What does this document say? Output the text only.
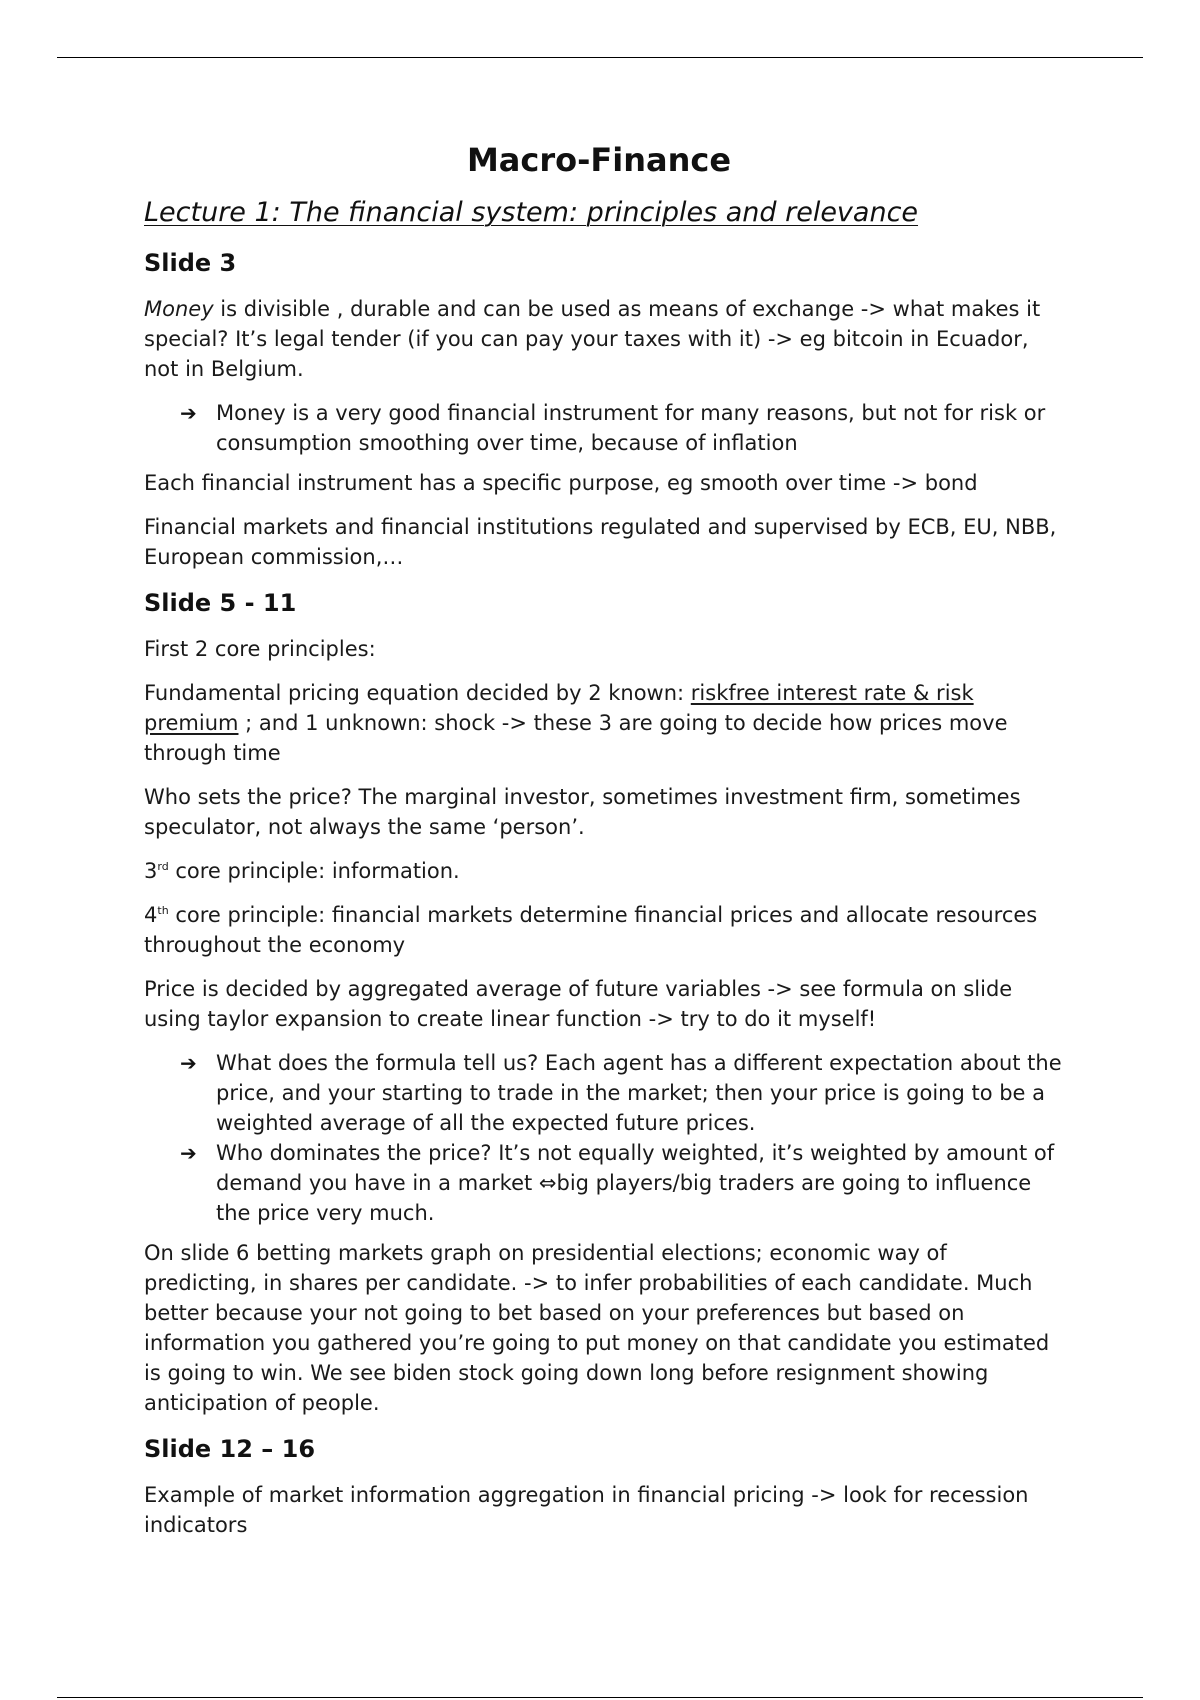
Macro-Finance
Lecture 1: The financial system: principles and relevance
Slide 3

Money is divisible , durable and can be used as means of exchange -> what makes it special? It’s legal tender (if you can pay your taxes with it) -> eg bitcoin in Ecuador, not in Belgium.

➔ Money is a very good financial instrument for many reasons, but not for risk or consumption smoothing over time, because of inflation

Each financial instrument has a specific purpose, eg smooth over time -> bond

Financial markets and financial institutions regulated and supervised by ECB, EU, NBB, European commission,…

Slide 5 - 11

First 2 core principles:

Fundamental pricing equation decided by 2 known: riskfree interest rate & risk premium ; and 1 unknown: shock -> these 3 are going to decide how prices move through time

Who sets the price? The marginal investor, sometimes investment firm, sometimes speculator, not always the same ‘person’.

3rd core principle: information.

4th core principle: financial markets determine financial prices and allocate resources throughout the economy

Price is decided by aggregated average of future variables -> see formula on slide using taylor expansion to create linear function -> try to do it myself!

➔ What does the formula tell us? Each agent has a different expectation about the price, and your starting to trade in the market; then your price is going to be a weighted average of all the expected future prices.
➔ Who dominates the price? It’s not equally weighted, it’s weighted by amount of demand you have in a market ⇔big players/big traders are going to influence the price very much.

On slide 6 betting markets graph on presidential elections; economic way of predicting, in shares per candidate. -> to infer probabilities of each candidate. Much better because your not going to bet based on your preferences but based on information you gathered you’re going to put money on that candidate you estimated is going to win. We see biden stock going down long before resignment showing anticipation of people.

Slide 12 – 16

Example of market information aggregation in financial pricing -> look for recession indicators
